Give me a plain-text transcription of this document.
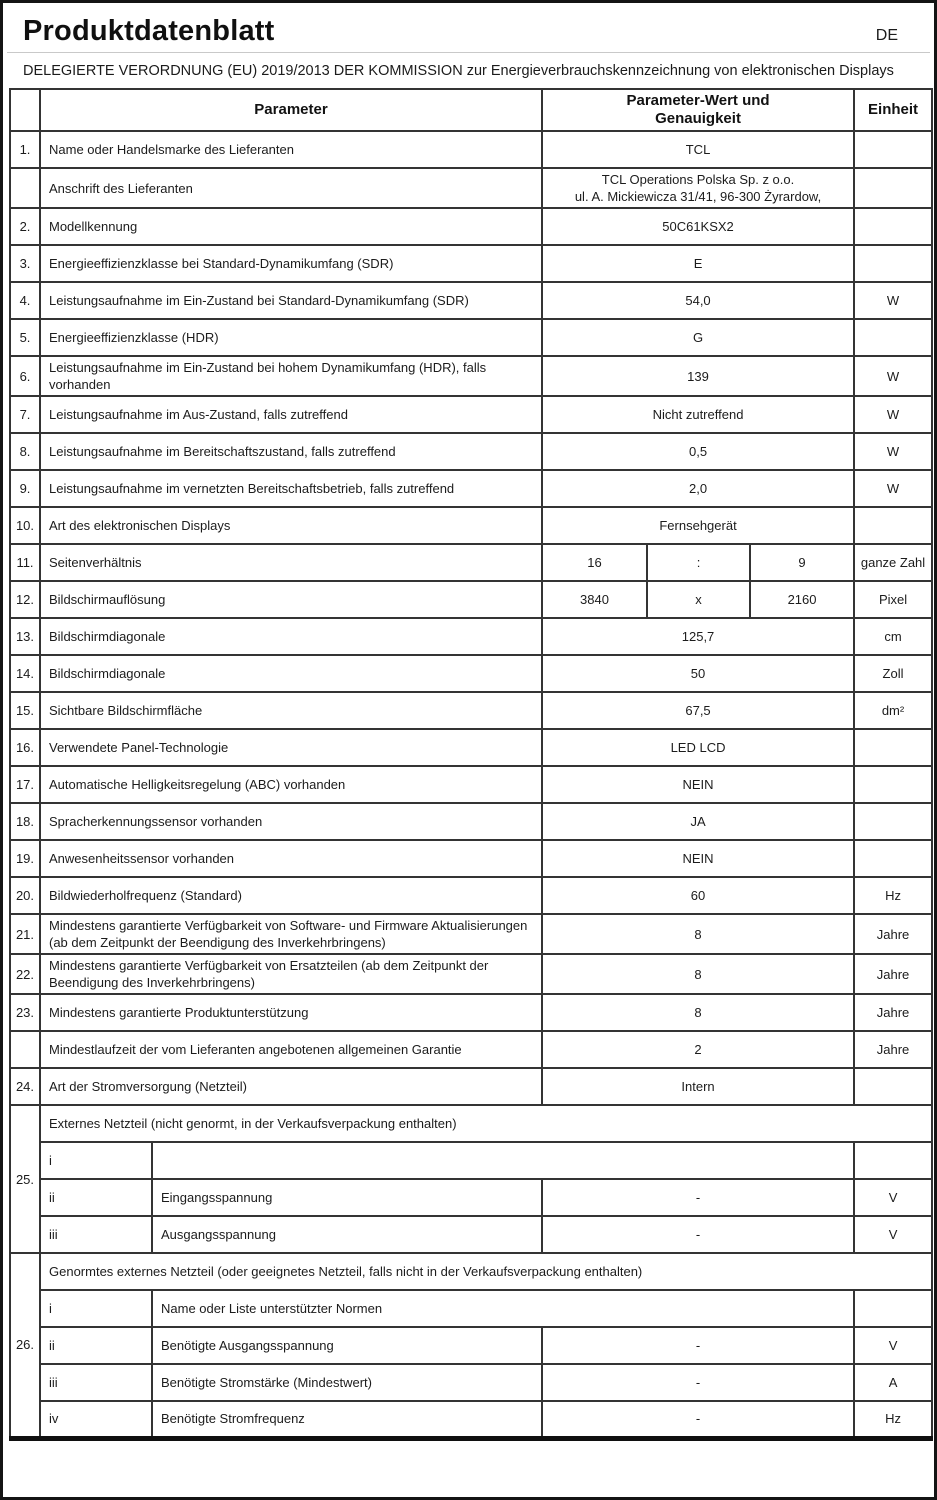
Produktdatenblatt	DE
DELEGIERTE VERORDNUNG (EU) 2019/2013 DER KOMMISSION zur Energieverbrauchskennzeichnung von elektronischen Displays

	Parameter		Parameter-Wert und Genauigkeit			Einheit

1.	Name oder Handelsmarke des Lieferanten		TCL			
	Anschrift des Lieferanten		TCL Operations Polska Sp. z o.o.
ul. A. Mickiewicza 31/41, 96-300 Żyrardow,			

2.	Modellkennung		50C61KSX2			
3.	Energieeffizienzklasse bei Standard-Dynamikumfang (SDR)		E			
4.	Leistungsaufnahme im Ein-Zustand bei Standard-Dynamikumfang (SDR)		54,0			W
5.	Energieeffizienzklasse (HDR)		G			
6.	Leistungsaufnahme im Ein-Zustand bei hohem Dynamikumfang (HDR), falls vorhanden		139			W
7.	Leistungsaufnahme im Aus-Zustand, falls zutreffend		Nicht zutreffend			W
8.	Leistungsaufnahme im Bereitschaftszustand, falls zutreffend		0,5			W
9.	Leistungsaufnahme im vernetzten Bereitschaftsbetrieb, falls zutreffend		2,0			W
10.	Art des elektronischen Displays		Fernsehgerät			
11.	Seitenverhältnis		16	:	9	ganze Zahl
12.	Bildschirmauflösung		3840	x	2160	Pixel
13.	Bildschirmdiagonale		125,7			cm
14.	Bildschirmdiagonale		50			Zoll
15.	Sichtbare Bildschirmfläche		67,5			dm²
16.	Verwendete Panel-Technologie		LED LCD			
17.	Automatische Helligkeitsregelung (ABC) vorhanden		NEIN			
18.	Spracherkennungssensor vorhanden		JA			
19.	Anwesenheitssensor vorhanden		NEIN			
20.	Bildwiederholfrequenz (Standard)		60			Hz
21.	Mindestens garantierte Verfügbarkeit von Software- und Firmware Aktualisierungen (ab dem Zeitpunkt der Beendigung des Inverkehrbringens)		8			Jahre
22.	Mindestens garantierte Verfügbarkeit von Ersatzteilen (ab dem Zeitpunkt der Beendigung des Inverkehrbringens)		8			Jahre
23.	Mindestens garantierte Produktunterstützung		8			Jahre
	Mindestlaufzeit der vom Lieferanten angebotenen allgemeinen Garantie		2			Jahre
24.	Art der Stromversorgung (Netzteil)		Intern			
25.	Externes Netzteil (nicht genormt, in der Verkaufsverpackung enthalten)					
	i					
	ii	Eingangsspannung	-			V
	iii	Ausgangsspannung	-			V
26.	Genormtes externes Netzteil (oder geeignetes Netzteil, falls nicht in der Verkaufsverpackung enthalten)					
	i	Name oder Liste unterstützter Normen				
	ii	Benötigte Ausgangsspannung	-			V
	iii	Benötigte Stromstärke (Mindestwert)	-			A
	iv	Benötigte Stromfrequenz	-			Hz
